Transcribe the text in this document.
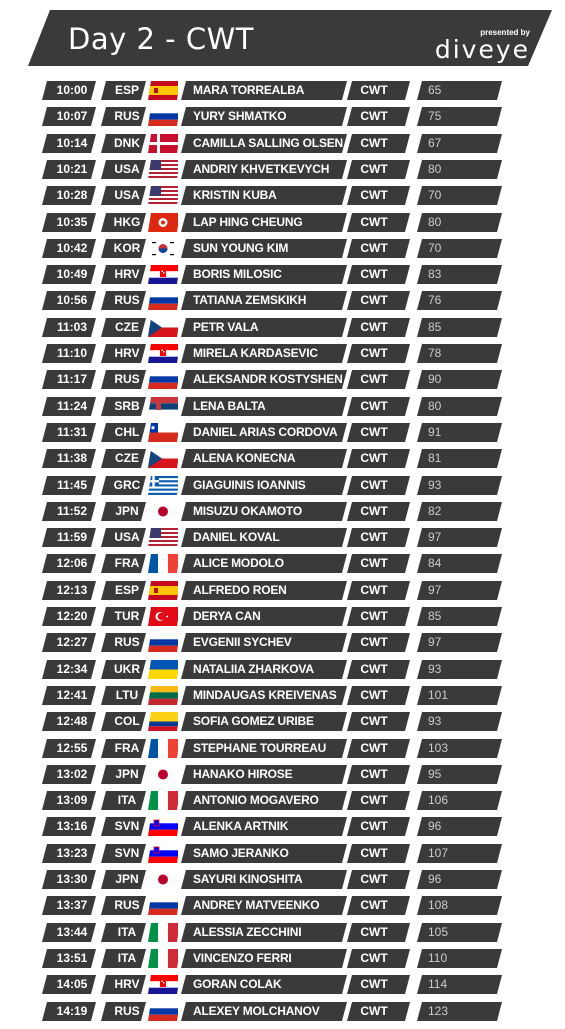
Day 2 - CWT	presented by
diveye
10:00	ESP	MARA TORREALBA	CWT	65
10:07	RUS	YURY SHMATKO	CWT	75
10:14	DNK	CAMILLA SALLING OLSEN	CWT	67
10:21	USA	ANDRIY KHVETKEVYCH	CWT	80
10:28	USA	KRISTIN KUBA	CWT	70
10:35	HKG	LAP HING CHEUNG	CWT	80
10:42	KOR	SUN YOUNG KIM	CWT	70
10:49	HRV	BORIS MILOSIC	CWT	83
10:56	RUS	TATIANA ZEMSKIKH	CWT	76
11:03	CZE	PETR VALA	CWT	85
11:10	HRV	MIRELA KARDASEVIC	CWT	78
11:17	RUS	ALEKSANDR KOSTYSHEN	CWT	90
11:24	SRB	LENA BALTA	CWT	80
11:31	CHL	DANIEL ARIAS CORDOVA	CWT	91
11:38	CZE	ALENA KONECNA	CWT	81
11:45	GRC	GIAGUINIS IOANNIS	CWT	93
11:52	JPN	MISUZU OKAMOTO	CWT	82
11:59	USA	DANIEL KOVAL	CWT	97
12:06	FRA	ALICE MODOLO	CWT	84
12:13	ESP	ALFREDO ROEN	CWT	97
12:20	TUR	DERYA CAN	CWT	85
12:27	RUS	EVGENII SYCHEV	CWT	97
12:34	UKR	NATALIIA ZHARKOVA	CWT	93
12:41	LTU	MINDAUGAS KREIVENAS	CWT	101
12:48	COL	SOFIA GOMEZ URIBE	CWT	93
12:55	FRA	STEPHANE TOURREAU	CWT	103
13:02	JPN	HANAKO HIROSE	CWT	95
13:09	ITA	ANTONIO MOGAVERO	CWT	106
13:16	SVN	ALENKA ARTNIK	CWT	96
13:23	SVN	SAMO JERANKO	CWT	107
13:30	JPN	SAYURI KINOSHITA	CWT	96
13:37	RUS	ANDREY MATVEENKO	CWT	108
13:44	ITA	ALESSIA ZECCHINI	CWT	105
13:51	ITA	VINCENZO FERRI	CWT	110
14:05	HRV	GORAN COLAK	CWT	114
14:19	RUS	ALEXEY MOLCHANOV	CWT	123
